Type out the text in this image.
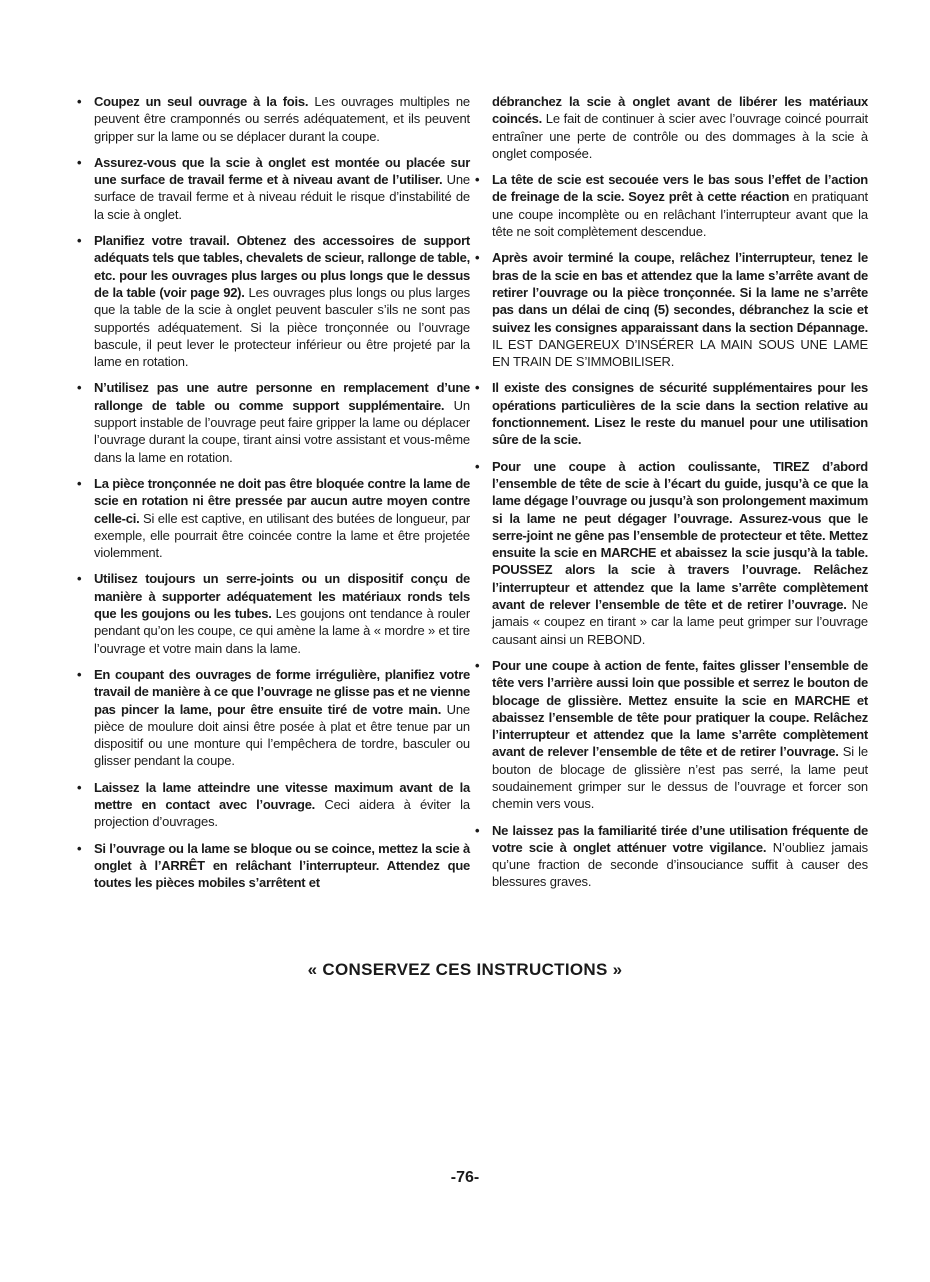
• Coupez un seul ouvrage à la fois. Les ouvrages multiples ne peuvent être cramponnés ou serrés adéquatement, et ils peuvent gripper sur la lame ou se déplacer durant la coupe.

• Assurez-vous que la scie à onglet est montée ou placée sur une surface de travail ferme et à niveau avant de l’utiliser. Une surface de travail ferme et à niveau réduit le risque d’instabilité de la scie à onglet.

• Planifiez votre travail. Obtenez des accessoires de support adéquats tels que tables, chevalets de scieur, rallonge de table, etc. pour les ouvrages plus larges ou plus longs que le dessus de la table (voir page 92). Les ouvrages plus longs ou plus larges que la table de la scie à onglet peuvent basculer s’ils ne sont pas supportés adéquatement. Si la pièce tronçonnée ou l’ouvrage bascule, il peut lever le protecteur inférieur ou être projeté par la lame en rotation.

• N’utilisez pas une autre personne en remplacement d’une rallonge de table ou comme support supplémentaire. Un support instable de l’ouvrage peut faire gripper la lame ou déplacer l’ouvrage durant la coupe, tirant ainsi votre assistant et vous-même dans la lame en rotation.

• La pièce tronçonnée ne doit pas être bloquée contre la lame de scie en rotation ni être pressée par aucun autre moyen contre celle-ci. Si elle est captive, en utilisant des butées de longueur, par exemple, elle pourrait être coincée contre la lame et être projetée violemment.

• Utilisez toujours un serre-joints ou un dispositif conçu de manière à supporter adéquatement les matériaux ronds tels que les goujons ou les tubes. Les goujons ont tendance à rouler pendant qu’on les coupe, ce qui amène la lame à « mordre » et tire l’ouvrage et votre main dans la lame.

• En coupant des ouvrages de forme irrégulière, planifiez votre travail de manière à ce que l’ouvrage ne glisse pas et ne vienne pas pincer la lame, pour être ensuite tiré de votre main. Une pièce de moulure doit ainsi être posée à plat et être tenue par un dispositif ou une monture qui l’empêchera de tordre, basculer ou glisser pendant la coupe.

• Laissez la lame atteindre une vitesse maximum avant de la mettre en contact avec l’ouvrage. Ceci aidera à éviter la projection d’ouvrages.

• Si l’ouvrage ou la lame se bloque ou se coince, mettez la scie à onglet à l’ARRÊT en relâchant l’interrupteur. Attendez que toutes les pièces mobiles s’arrêtent et

débranchez la scie à onglet avant de libérer les matériaux coincés. Le fait de continuer à scier avec l’ouvrage coincé pourrait entraîner une perte de contrôle ou des dommages à la scie à onglet composée.

• La tête de scie est secouée vers le bas sous l’effet de l’action de freinage de la scie. Soyez prêt à cette réaction en pratiquant une coupe incomplète ou en relâchant l’interrupteur avant que la tête ne soit complètement descendue.

• Après avoir terminé la coupe, relâchez l’interrupteur, tenez le bras de la scie en bas et attendez que la lame s’arrête avant de retirer l’ouvrage ou la pièce tronçonnée. Si la lame ne s’arrête pas dans un délai de cinq (5) secondes, débranchez la scie et suivez les consignes apparaissant dans la section Dépannage. IL EST DANGEREUX D’INSÉRER LA MAIN SOUS UNE LAME EN TRAIN DE S’IMMOBILISER.

• Il existe des consignes de sécurité supplémentaires pour les opérations particulières de la scie dans la section relative au fonctionnement. Lisez le reste du manuel pour une utilisation sûre de la scie.

• Pour une coupe à action coulissante, TIREZ d’abord l’ensemble de tête de scie à l’écart du guide, jusqu’à ce que la lame dégage l’ouvrage ou jusqu’à son prolongement maximum si la lame ne peut dégager l’ouvrage. Assurez-vous que le serre-joint ne gêne pas l’ensemble de protecteur et tête. Mettez ensuite la scie en MARCHE et abaissez la scie jusqu’à la table. POUSSEZ alors la scie à travers l’ouvrage. Relâchez l’interrupteur et attendez que la lame s’arrête complètement avant de relever l’ensemble de tête et de retirer l’ouvrage. Ne jamais « coupez en tirant » car la lame peut grimper sur l’ouvrage causant ainsi un REBOND.

• Pour une coupe à action de fente, faites glisser l’ensemble de tête vers l’arrière aussi loin que possible et serrez le bouton de blocage de glissière. Mettez ensuite la scie en MARCHE et abaissez l’ensemble de tête pour pratiquer la coupe. Relâchez l’interrupteur et attendez que la lame s’arrête complètement avant de relever l’ensemble de tête et de retirer l’ouvrage. Si le bouton de blocage de glissière n’est pas serré, la lame peut soudainement grimper sur le dessus de l’ouvrage et forcer son chemin vers vous.

• Ne laissez pas la familiarité tirée d’une utilisation fréquente de votre scie à onglet atténuer votre vigilance. N’oubliez jamais qu’une fraction de seconde d’insouciance suffit à causer des blessures graves.

« CONSERVEZ CES INSTRUCTIONS »
-76-
